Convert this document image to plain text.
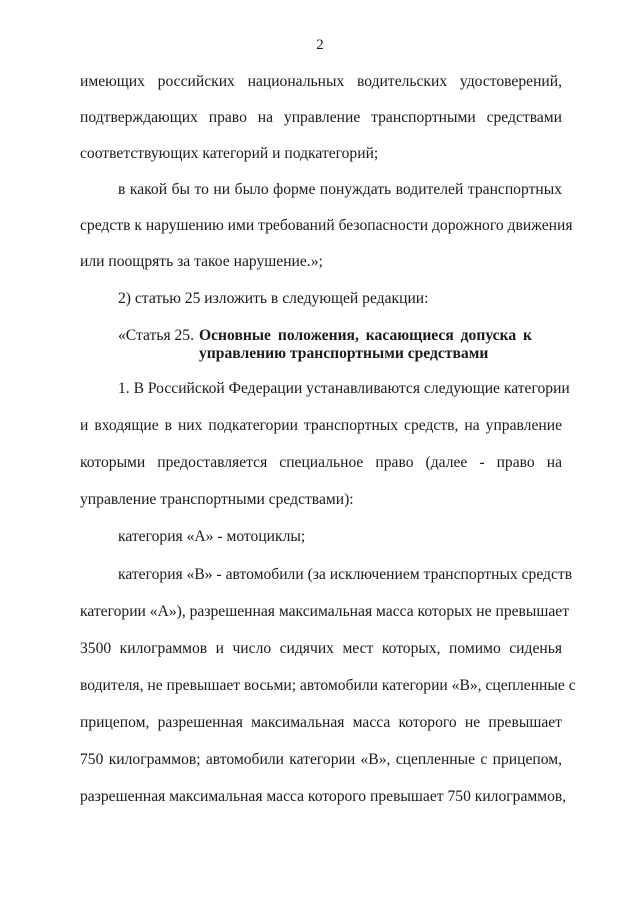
2
имеющих российских национальных водительских удостоверений,
подтверждающих право на управление транспортными средствами
соответствующих категорий и подкатегорий;
в какой бы то ни было форме понуждать водителей транспортных
средств к нарушению ими требований безопасности дорожного движения
или поощрять за такое нарушение.»;
2) статью 25 изложить в следующей редакции:
«Статья 25. Основные положения, касающиеся допуска к
управлению транспортными средствами
1. В Российской Федерации устанавливаются следующие категории
и входящие в них подкатегории транспортных средств, на управление
которыми предоставляется специальное право (далее - право на
управление транспортными средствами):
категория «A» - мотоциклы;
категория «B» - автомобили (за исключением транспортных средств
категории «A»), разрешенная максимальная масса которых не превышает
3500 килограммов и число сидячих мест которых, помимо сиденья
водителя, не превышает восьми; автомобили категории «B», сцепленные с
прицепом, разрешенная максимальная масса которого не превышает
750 килограммов; автомобили категории «B», сцепленные с прицепом,
разрешенная максимальная масса которого превышает 750 килограммов,
